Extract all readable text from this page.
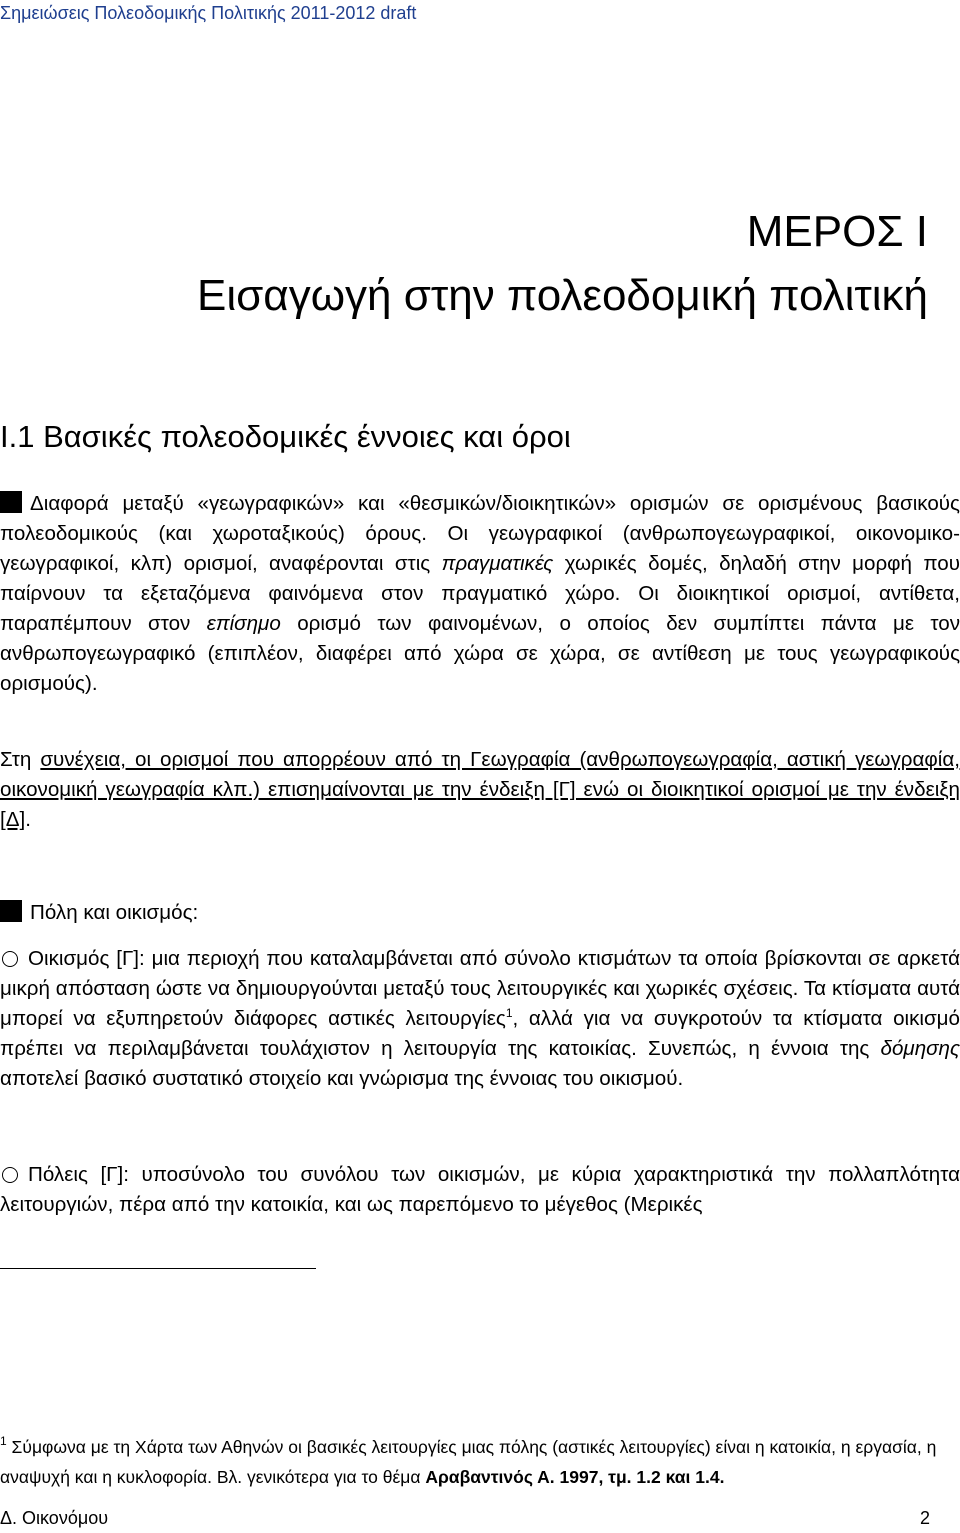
Σημειώσεις Πολεοδομικής Πολιτικής 2011-2012 draft
ΜΕΡΟΣ Ι
Εισαγωγή στην πολεοδομική πολιτική
Ι.1 Βασικές πολεοδομικές έννοιες και όροι

Διαφορά μεταξύ «γεωγραφικών» και «θεσμικών/διοικητικών» ορισμών σε ορισμένους βασικούς πολεοδομικούς (και χωροταξικούς) όρους. Οι γεωγραφικοί (ανθρωπογεωγραφικοί, οικονομικο-γεωγραφικοί, κλπ) ορισμοί, αναφέρονται στις πραγματικές χωρικές δομές, δηλαδή στην μορφή που παίρνουν τα εξεταζόμενα φαινόμενα στον πραγματικό χώρο. Οι διοικητικοί ορισμοί, αντίθετα, παραπέμπουν στον επίσημο ορισμό των φαινομένων, ο οποίος δεν συμπίπτει πάντα με τον ανθρωπογεωγραφικό (επιπλέον, διαφέρει από χώρα σε χώρα, σε αντίθεση με τους γεωγραφικούς ορισμούς).

Στη συνέχεια, οι ορισμοί που απορρέουν από τη Γεωγραφία (ανθρωπογεωγραφία, αστική γεωγραφία, οικονομική γεωγραφία κλπ.) επισημαίνονται με την ένδειξη [Γ] ενώ οι διοικητικοί ορισμοί με την ένδειξη [Δ].

Πόλη και οικισμός:

Οικισμός [Γ]: μια περιοχή που καταλαμβάνεται από σύνολο κτισμάτων τα οποία βρίσκονται σε αρκετά μικρή απόσταση ώστε να δημιουργούνται μεταξύ τους λειτουργικές και χωρικές σχέσεις. Τα κτίσματα αυτά μπορεί να εξυπηρετούν διάφορες αστικές λειτουργίες$^1$, αλλά για να συγκροτούν τα κτίσματα οικισμό πρέπει να περιλαμβάνεται τουλάχιστον η λειτουργία της κατοικίας. Συνεπώς, η έννοια της δόμησης αποτελεί βασικό συστατικό στοιχείο και γνώρισμα της έννοιας του οικισμού.

Πόλεις [Γ]: υποσύνολο του συνόλου των οικισμών, με κύρια χαρακτηριστικά την πολλαπλότητα λειτουργιών, πέρα από την κατοικία, και ως παρεπόμενο το μέγεθος (Μερικές

$^1$ Σύμφωνα με τη Χάρτα των Αθηνών οι βασικές λειτουργίες μιας πόλης (αστικές λειτουργίες) είναι η κατοικία, η εργασία, η αναψυχή και η κυκλοφορία. Βλ. γενικότερα για το θέμα Αραβαντινός Α. 1997, τμ. 1.2 και 1.4.

Δ. Οικονόμου	2
